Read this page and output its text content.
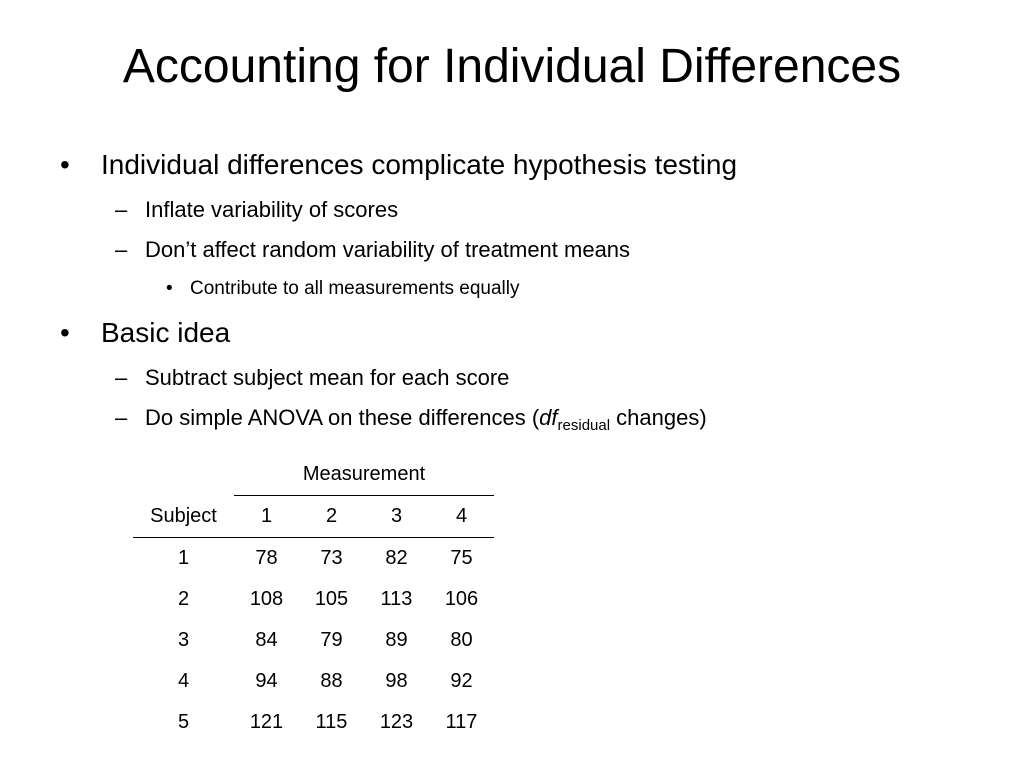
Accounting for Individual Differences
• Individual differences complicate hypothesis testing
– Inflate variability of scores
– Don’t affect random variability of treatment means
• Contribute to all measurements equally
• Basic idea
– Subtract subject mean for each score
– Do simple ANOVA on these differences ($df_{residual}$ changes)
	Measurement			
Subject	1	2	3	4
1	78	73	82	75
2	108	105	113	106
3	84	79	89	80
4	94	88	98	92
5	121	115	123	117
